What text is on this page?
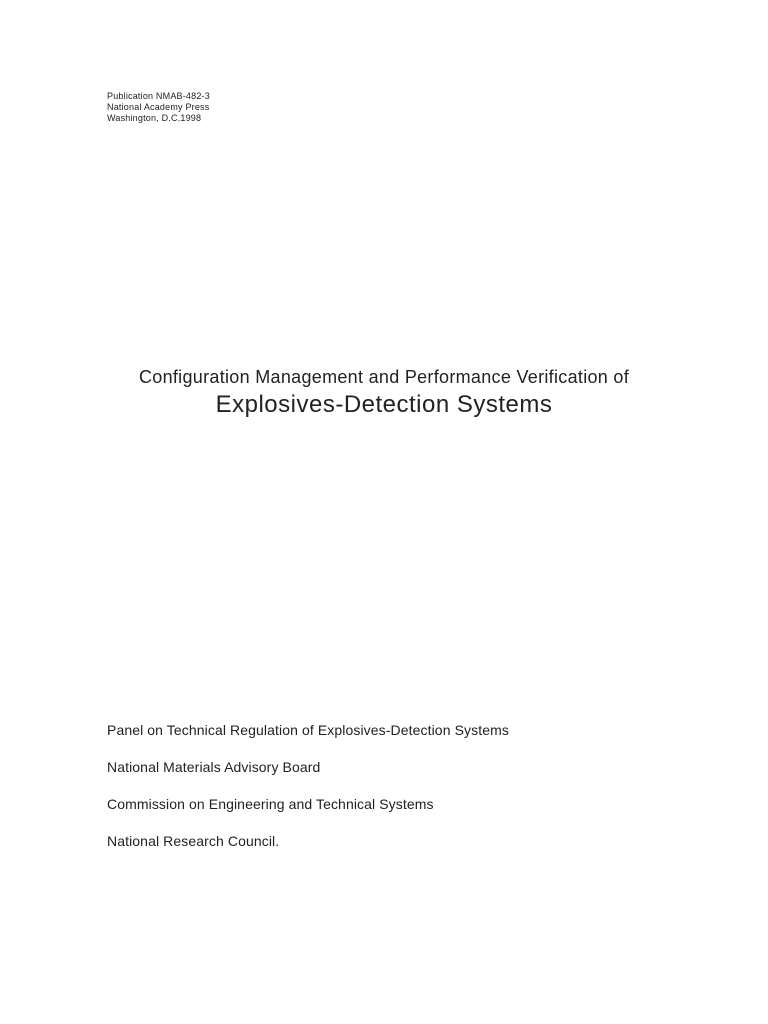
Publication NMAB-482-3
National Academy Press
Washington, D.C.1998
Configuration Management and Performance Verification of
Explosives-Detection Systems
Panel on Technical Regulation of Explosives-Detection Systems
National Materials Advisory Board
Commission on Engineering and Technical Systems
National Research Council.
